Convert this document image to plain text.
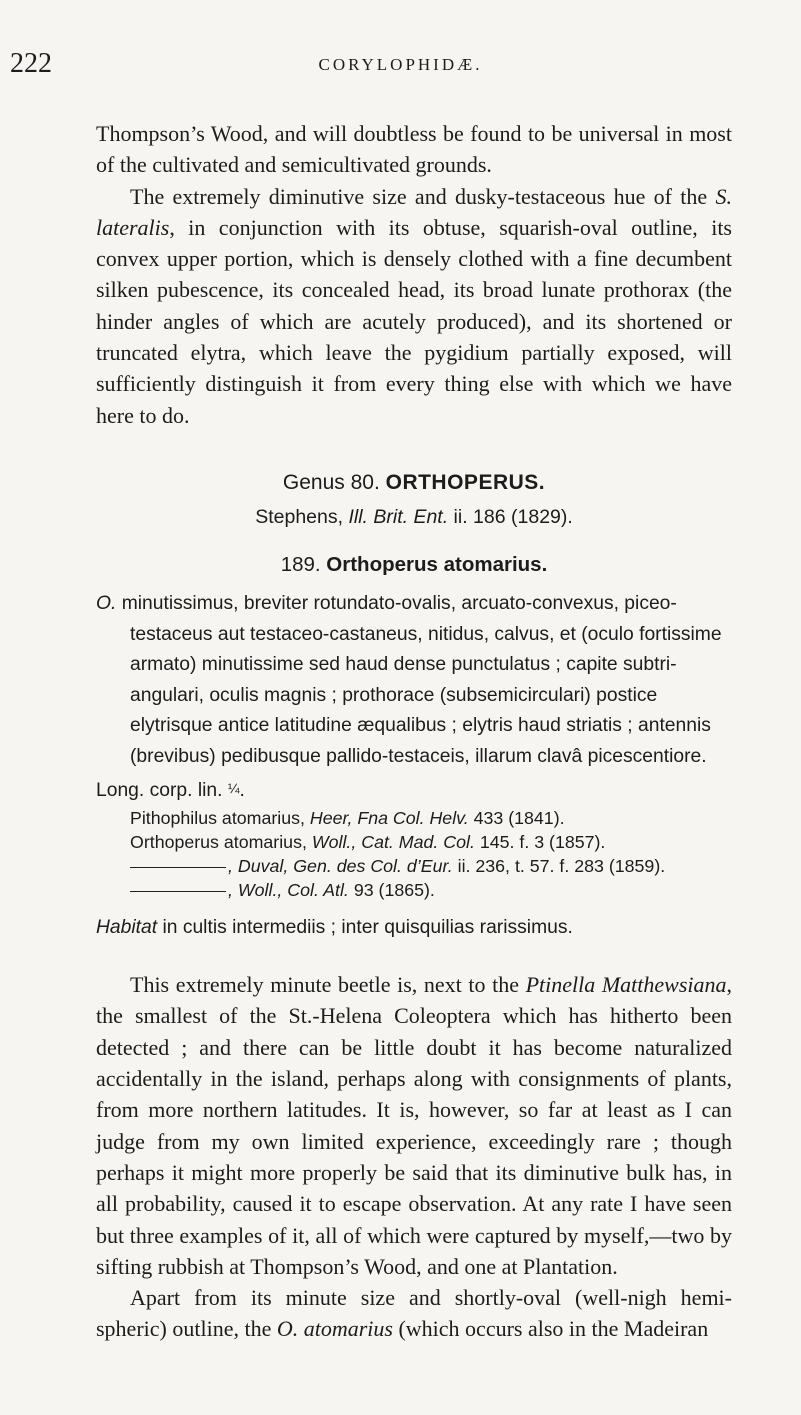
222	CORYLOPHIDÆ.

Thompson’s Wood, and will doubtless be found to be universal in most of the cultivated and semicultivated grounds.

The extremely diminutive size and dusky-testaceous hue of the S. lateralis, in conjunction with its obtuse, squarish-oval outline, its convex upper portion, which is densely clothed with a fine decumbent silken pubescence, its concealed head, its broad lunate prothorax (the hinder angles of which are acutely produced), and its shortened or truncated elytra, which leave the pygidium partially exposed, will sufficiently distinguish it from every thing else with which we have here to do.

Genus 80. ORTHOPERUS.
Stephens, Ill. Brit. Ent. ii. 186 (1829).
189. Orthoperus atomarius.
O. minutissimus, breviter rotundato-ovalis, arcuato-convexus, piceo-testaceus aut testaceo-castaneus, nitidus, calvus, et (oculo fortissime armato) minutissime sed haud dense punctulatus ; capite subtri-angulari, oculis magnis ; prothorace (subsemicirculari) postice elytrisque antice latitudine æqualibus ; elytris haud striatis ; antennis (brevibus) pedibusque pallido-testaceis, illarum clavâ picescentiore.
Long. corp. lin. ¼.
Pithophilus atomarius, Heer, Fna Col. Helv. 433 (1841).
Orthoperus atomarius, Woll., Cat. Mad. Col. 145. f. 3 (1857).
, Duval, Gen. des Col. d’Eur. ii. 236, t. 57. f. 283 (1859).
, Woll., Col. Atl. 93 (1865).
Habitat in cultis intermediis ; inter quisquilias rarissimus.

This extremely minute beetle is, next to the Ptinella Matthewsiana, the smallest of the St.-Helena Coleoptera which has hitherto been detected ; and there can be little doubt it has become naturalized accidentally in the island, perhaps along with consignments of plants, from more northern latitudes. It is, however, so far at least as I can judge from my own limited experience, exceedingly rare ; though perhaps it might more properly be said that its diminutive bulk has, in all probability, caused it to escape observation. At any rate I have seen but three examples of it, all of which were captured by myself,—two by sifting rubbish at Thompson’s Wood, and one at Plantation.

Apart from its minute size and shortly-oval (well-nigh hemi-spheric) outline, the O. atomarius (which occurs also in the Madeiran
